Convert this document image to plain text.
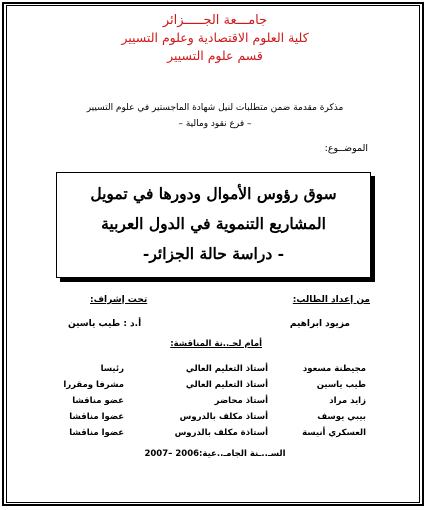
جامـــعة الجـــــزائر
كلية العلوم الاقتصادية وعلوم التسيير
قسم علوم التسيير
مذكرة مقدمة ضمن متطلبات لنيل شهادة الماجستير في علوم التسيير
– فرع نقود ومالية –
الموضــوع:
سوق رؤوس الأموال ودورها في تمويل
المشاريع التنموية في الدول العربية
- دراسة حالة الجزائر-
من إعداد الطالب:
تحت إشراف:
مزيود ابراهيم
أ.د : طيب ياسين
أمام لجـ..نة المناقشة:
مجيطنة مسعود
أستاذ التعليم العالي
رئيسا
طيب ياسين
أستاذ التعليم العالي
مشرفا ومقررا
زايد مراد
أستاذ محاضر
عضو مناقشا
بيبي يوسف
أستاذ مكلف بالدروس
عضوا مناقشا
العسكري أنيسة
أستاذة مكلف بالدروس
عضوا مناقشا
السـ..ـنة الجامـ..عية:2006 –2007
